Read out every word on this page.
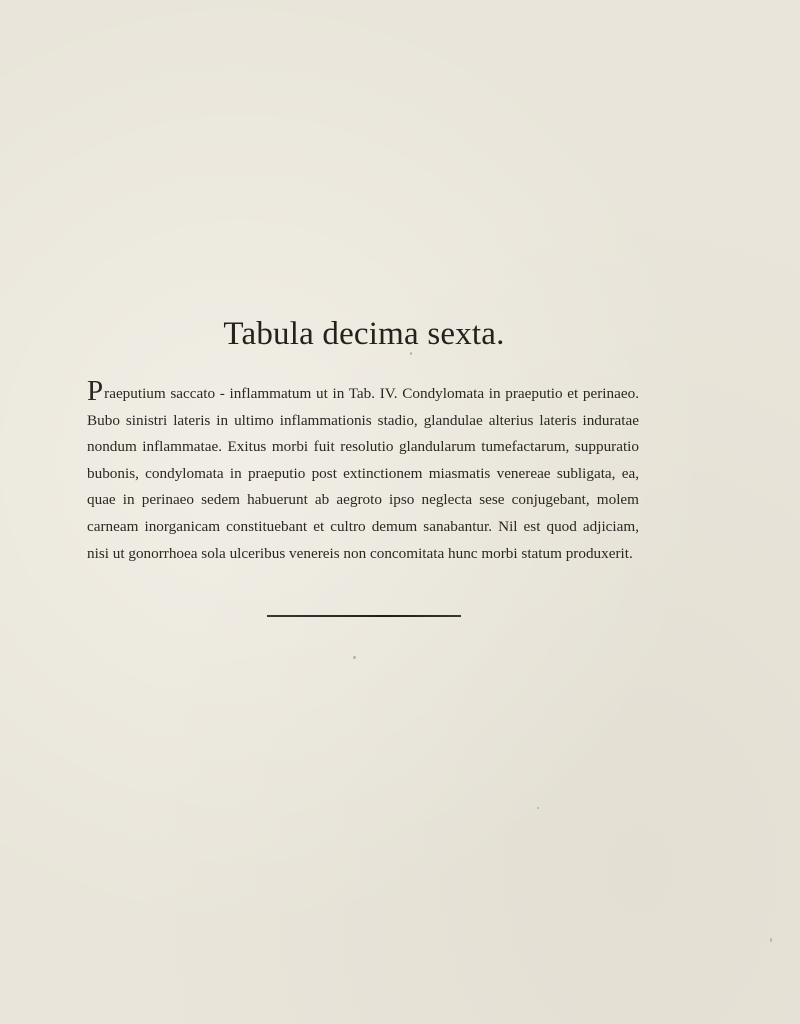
Tabula decima sexta.

Praeputium saccato - inflammatum ut in Tab. IV. Condylomata in praeputio et perinaeo. Bubo sinistri lateris in ultimo inflammationis stadio, glandulae alterius lateris induratae nondum inflammatae. Exitus morbi fuit resolutio glandularum tumefactarum, suppuratio bubonis, condylomata in praeputio post extinctionem miasmatis venereae subligata, ea, quae in perinaeo sedem habuerunt ab aegroto ipso neglecta sese conjugebant, molem carneam inorganicam constituebant et cultro demum sanabantur. Nil est quod adjiciam, nisi ut gonorrhoea sola ulceribus venereis non concomitata hunc morbi statum produxerit.
